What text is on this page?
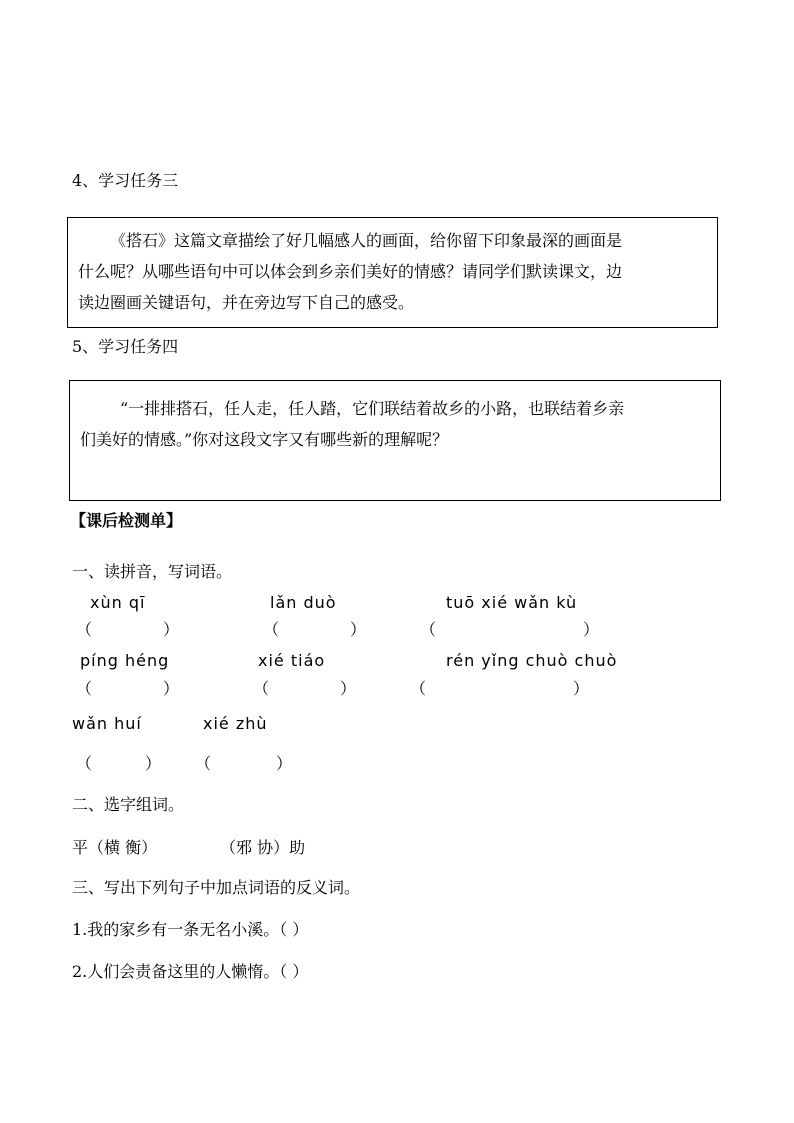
4、学习任务三
《搭石》这篇文章描绘了好几幅感人的画面，给你留下印象最深的画面是
什么呢？从哪些语句中可以体会到乡亲们美好的情感？请同学们默读课文，边
读边圈画关键语句，并在旁边写下自己的感受。
5、学习任务四
“一排排搭石，任人走，任人踏，它们联结着故乡的小路，也联结着乡亲
们美好的情感。”你对这段文字又有哪些新的理解呢？
【课后检测单】
一、读拼音，写词语。
xùn qī	lǎn duò	tuō xié wǎn kù
（	）	（	）	（	）
píng héng	xié tiáo	rén yǐng chuò chuò
（	）	（	）	（	）
wǎn huí	xié zhù
（	） （	）
二、选字组词。
平（横 衡）	（邪 协）助
三、写出下列句子中加点词语的反义词。
1.我的家乡有一条无名小溪。（ ）
2.人们会责备这里的人懒惰。（ ）
